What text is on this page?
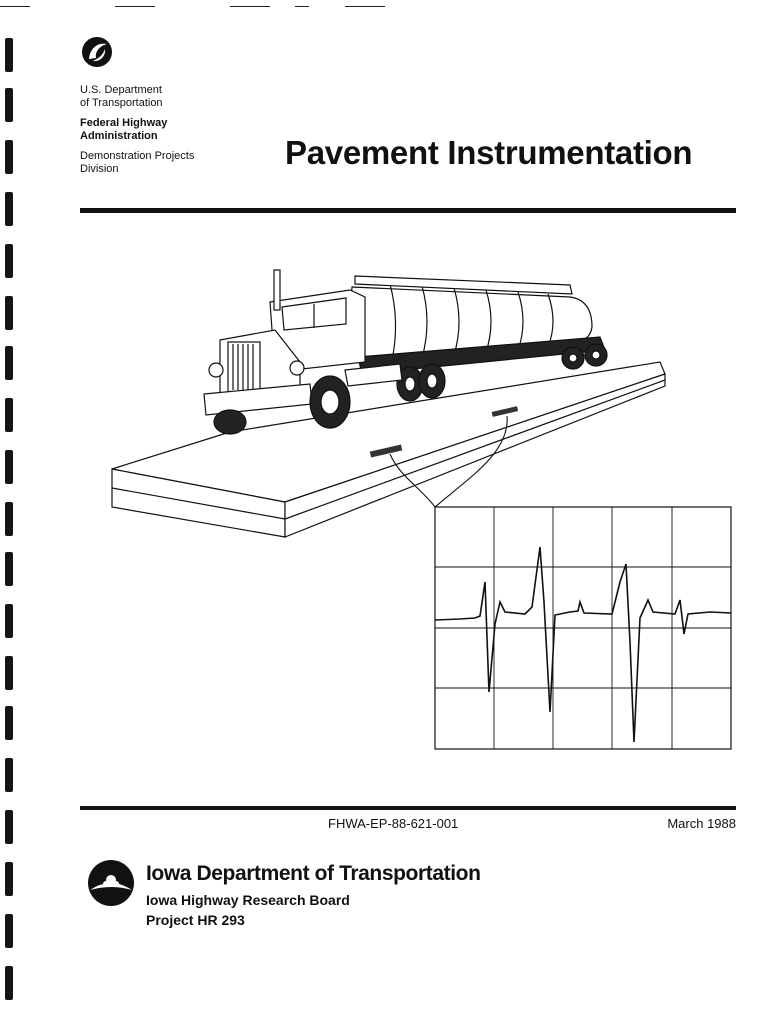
U.S. Department
of Transportation
Federal Highway
Administration
Demonstration Projects
Division	Pavement Instrumentation
FHWA-EP-88-621-001	March 1988
Iowa Department of Transportation
Iowa Highway Research Board
Project HR 293
